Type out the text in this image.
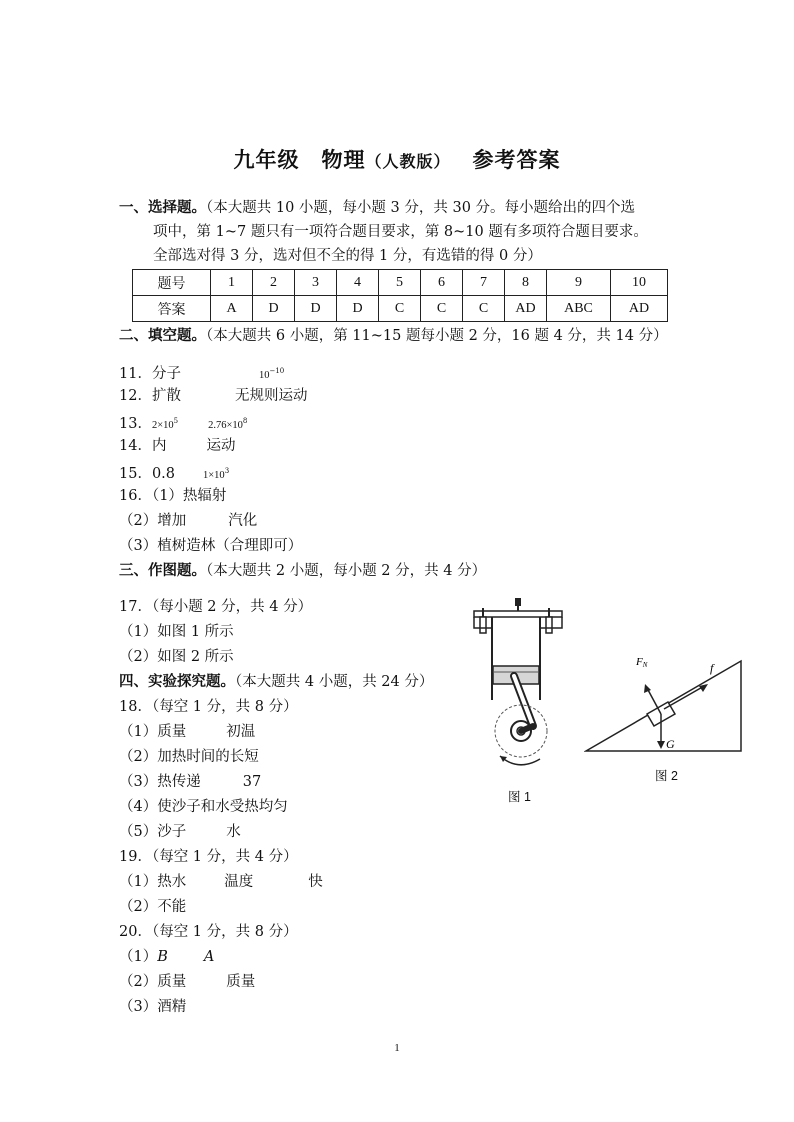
九年级 物理（人教版） 参考答案
一、选择题。（本大题共 10 小题，每小题 3 分，共 30 分。每小题给出的四个选
项中，第 1~7 题只有一项符合题目要求，第 8~10 题有多项符合题目要求。
全部选对得 3 分，选对但不全的得 1 分，有选错的得 0 分）
题号	1	2	3	4	5	6	7	8	9	10
答案	A	D	D	D	C	C	C	AD	ABC	AD
二、填空题。（本大题共 6 小题，第 11~15 题每小题 2 分，16 题 4 分，共 14 分）
11．分子	$10^{-10}$
12．扩散	无规则运动
13．$2\times 10^5$	$2.76\times 10^8$
14．内	运动
15．0.8	$1\times 10^3$
16．（1）热辐射
（2）增加	汽化
（3）植树造林（合理即可）
三、作图题。（本大题共 2 小题，每小题 2 分，共 4 分）
17．（每小题 2 分，共 4 分）
（1）如图 1 所示
（2）如图 2 所示
四、实验探究题。（本大题共 4 小题，共 24 分）
18．（每空 1 分，共 8 分）
（1）质量	初温
（2）加热时间的长短
（3）热传递	37
（4）使沙子和水受热均匀
（5）沙子	水
19．（每空 1 分，共 4 分）
（1）热水	温度	快
（2）不能
20．（每空 1 分，共 8 分）
（1）B A
（2）质量	质量
（3）酒精
图 1
FN	f
G
图 2
1
